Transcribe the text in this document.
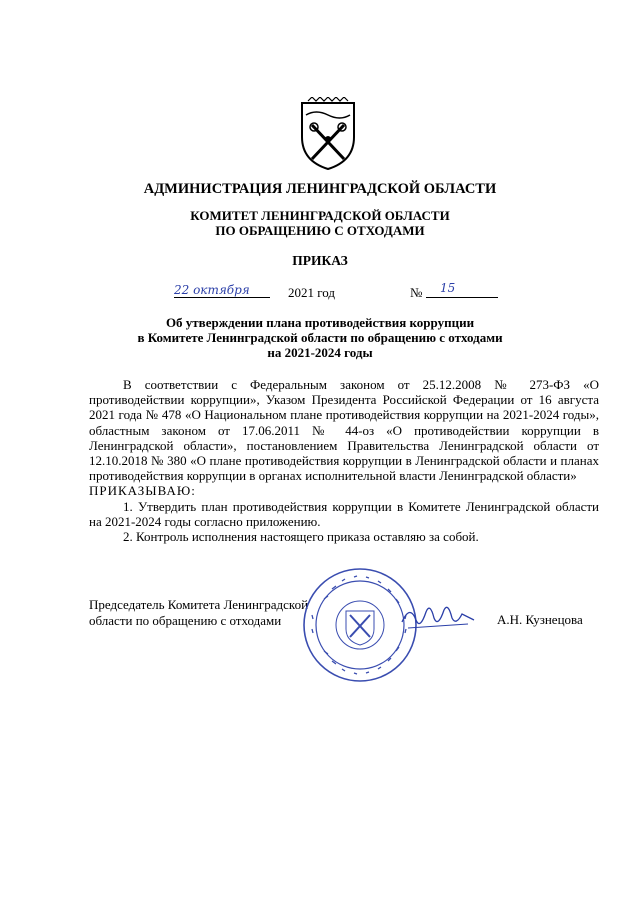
АДМИНИСТРАЦИЯ ЛЕНИНГРАДСКОЙ ОБЛАСТИ
КОМИТЕТ ЛЕНИНГРАДСКОЙ ОБЛАСТИ
ПО ОБРАЩЕНИЮ С ОТХОДАМИ
ПРИКАЗ
22 октября	2021 год	№ 15
Об утверждении плана противодействия коррупции
в Комитете Ленинградской области по обращению с отходами
на 2021-2024 годы

В соответствии с Федеральным законом от 25.12.2008 № 273-ФЗ «О противодействии коррупции», Указом Президента Российской Федерации от 16 августа 2021 года № 478 «О Национальном плане противодействия коррупции на 2021-2024 годы», областным законом от 17.06.2011 № 44-оз «О противодействии коррупции в Ленинградской области», постановлением Правительства Ленинградской области от 12.10.2018 № 380 «О плане противодействия коррупции в Ленинградской области и планах противодействия коррупции в органах исполнительной власти Ленинградской области»

ПРИКАЗЫВАЮ:

1. Утвердить план противодействия коррупции в Комитете Ленинградской области на 2021-2024 годы согласно приложению.

2. Контроль исполнения настоящего приказа оставляю за собой.

Председатель Комитета Ленинградской
области по обращению с отходами	А.Н. Кузнецова
